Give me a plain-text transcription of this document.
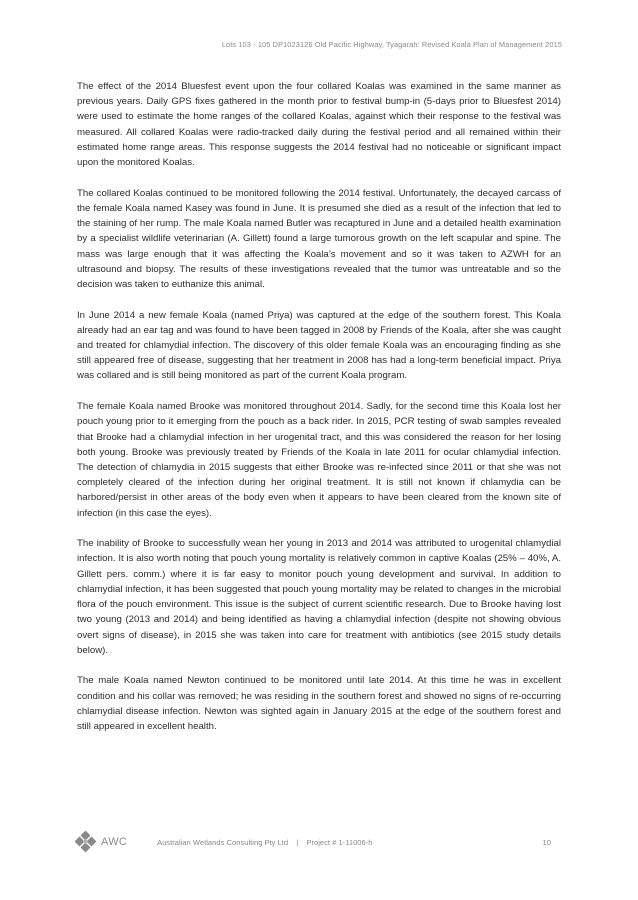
Lots 103 - 105 DP1023126 Old Pacific Highway, Tyagarah: Revised Koala Plan of Management 2015

The effect of the 2014 Bluesfest event upon the four collared Koalas was examined in the same manner as previous years. Daily GPS fixes gathered in the month prior to festival bump-in (5-days prior to Bluesfest 2014) were used to estimate the home ranges of the collared Koalas, against which their response to the festival was measured. All collared Koalas were radio-tracked daily during the festival period and all remained within their estimated home range areas. This response suggests the 2014 festival had no noticeable or significant impact upon the monitored Koalas.

The collared Koalas continued to be monitored following the 2014 festival. Unfortunately, the decayed carcass of the female Koala named Kasey was found in June. It is presumed she died as a result of the infection that led to the staining of her rump. The male Koala named Butler was recaptured in June and a detailed health examination by a specialist wildlife veterinarian (A. Gillett) found a large tumorous growth on the left scapular and spine. The mass was large enough that it was affecting the Koala’s movement and so it was taken to AZWH for an ultrasound and biopsy. The results of these investigations revealed that the tumor was untreatable and so the decision was taken to euthanize this animal.

In June 2014 a new female Koala (named Priya) was captured at the edge of the southern forest. This Koala already had an ear tag and was found to have been tagged in 2008 by Friends of the Koala, after she was caught and treated for chlamydial infection. The discovery of this older female Koala was an encouraging finding as she still appeared free of disease, suggesting that her treatment in 2008 has had a long-term beneficial impact. Priya was collared and is still being monitored as part of the current Koala program.

The female Koala named Brooke was monitored throughout 2014. Sadly, for the second time this Koala lost her pouch young prior to it emerging from the pouch as a back rider. In 2015, PCR testing of swab samples revealed that Brooke had a chlamydial infection in her urogenital tract, and this was considered the reason for her losing both young. Brooke was previously treated by Friends of the Koala in late 2011 for ocular chlamydial infection. The detection of chlamydia in 2015 suggests that either Brooke was re-infected since 2011 or that she was not completely cleared of the infection during her original treatment. It is still not known if chlamydia can be harbored/persist in other areas of the body even when it appears to have been cleared from the known site of infection (in this case the eyes).

The inability of Brooke to successfully wean her young in 2013 and 2014 was attributed to urogenital chlamydial infection. It is also worth noting that pouch young mortality is relatively common in captive Koalas (25% – 40%, A. Gillett pers. comm.) where it is far easy to monitor pouch young development and survival. In addition to chlamydial infection, it has been suggested that pouch young mortality may be related to changes in the microbial flora of the pouch environment. This issue is the subject of current scientific research. Due to Brooke having lost two young (2013 and 2014) and being identified as having a chlamydial infection (despite not showing obvious overt signs of disease), in 2015 she was taken into care for treatment with antibiotics (see 2015 study details below).

The male Koala named Newton continued to be monitored until late 2014. At this time he was in excellent condition and his collar was removed; he was residing in the southern forest and showed no signs of re-occurring chlamydial disease infection. Newton was sighted again in January 2015 at the edge of the southern forest and still appeared in excellent health.

AWC	Australian Wetlands Consulting Pty Ltd | Project # 1-11006-h	10
